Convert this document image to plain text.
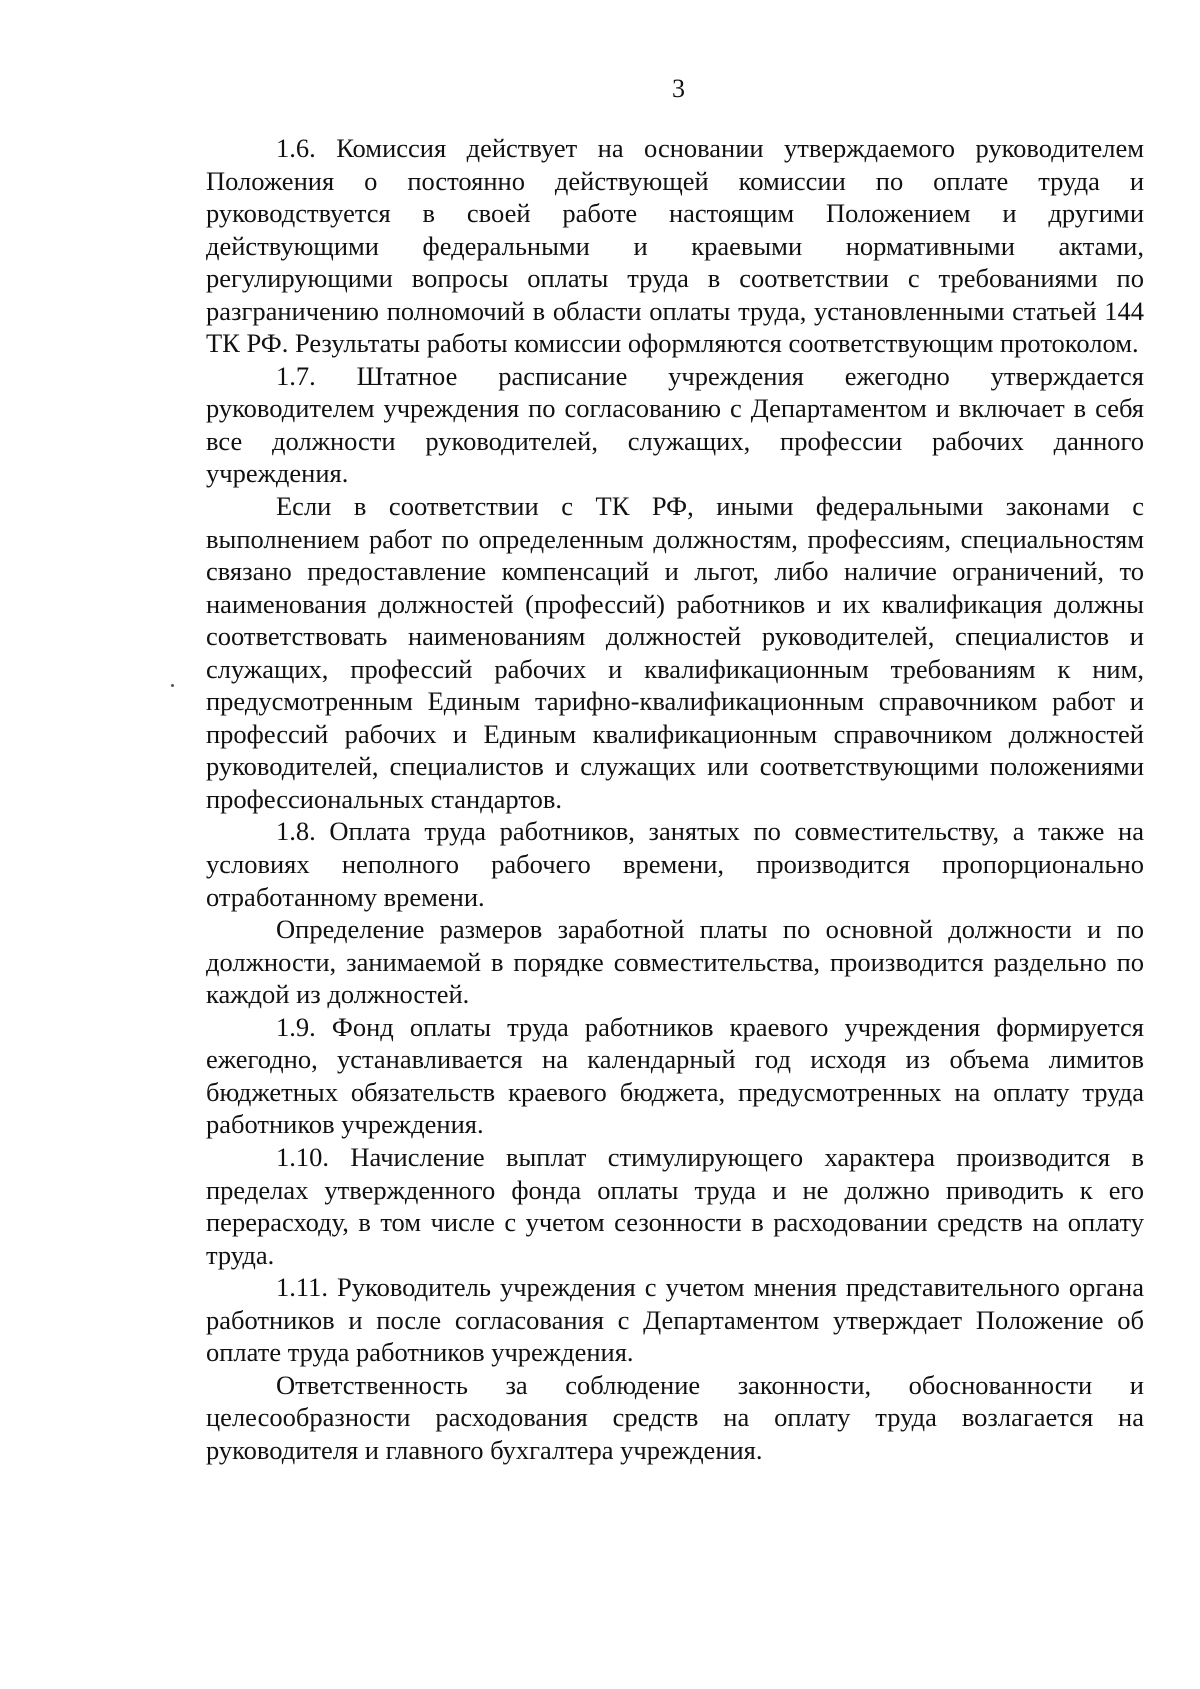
3

1.6. Комиссия действует на основании утверждаемого руководителем Положения о постоянно действующей комиссии по оплате труда и руководствуется в своей работе настоящим Положением и другими действующими федеральными и краевыми нормативными актами, регулирующими вопросы оплаты труда в соответствии с требованиями по разграничению полномочий в области оплаты труда, установленными статьей 144 ТК РФ. Результаты работы комиссии оформляются соответствующим протоколом.

1.7. Штатное расписание учреждения ежегодно утверждается руководителем учреждения по согласованию с Департаментом и включает в себя все должности руководителей, служащих, профессии рабочих данного учреждения.

Если в соответствии с ТК РФ, иными федеральными законами с выполнением работ по определенным должностям, профессиям, специальностям связано предоставление компенсаций и льгот, либо наличие ограничений, то наименования должностей (профессий) работников и их квалификация должны соответствовать наименованиям должностей руководителей, специалистов и служащих, профессий рабочих и квалификационным требованиям к ним, предусмотренным Единым тарифно-квалификационным справочником работ и профессий рабочих и Единым квалификационным справочником должностей руководителей, специалистов и служащих или соответствующими положениями профессиональных стандартов.

1.8. Оплата труда работников, занятых по совместительству, а также на условиях неполного рабочего времени, производится пропорционально отработанному времени.

Определение размеров заработной платы по основной должности и по должности, занимаемой в порядке совместительства, производится раздельно по каждой из должностей.

1.9. Фонд оплаты труда работников краевого учреждения формируется ежегодно, устанавливается на календарный год исходя из объема лимитов бюджетных обязательств краевого бюджета, предусмотренных на оплату труда работников учреждения.

1.10. Начисление выплат стимулирующего характера производится в пределах утвержденного фонда оплаты труда и не должно приводить к его перерасходу, в том числе с учетом сезонности в расходовании средств на оплату труда.

1.11. Руководитель учреждения с учетом мнения представительного органа работников и после согласования с Департаментом утверждает Положение об оплате труда работников учреждения.

Ответственность за соблюдение законности, обоснованности и целесообразности расходования средств на оплату труда возлагается на руководителя и главного бухгалтера учреждения.
